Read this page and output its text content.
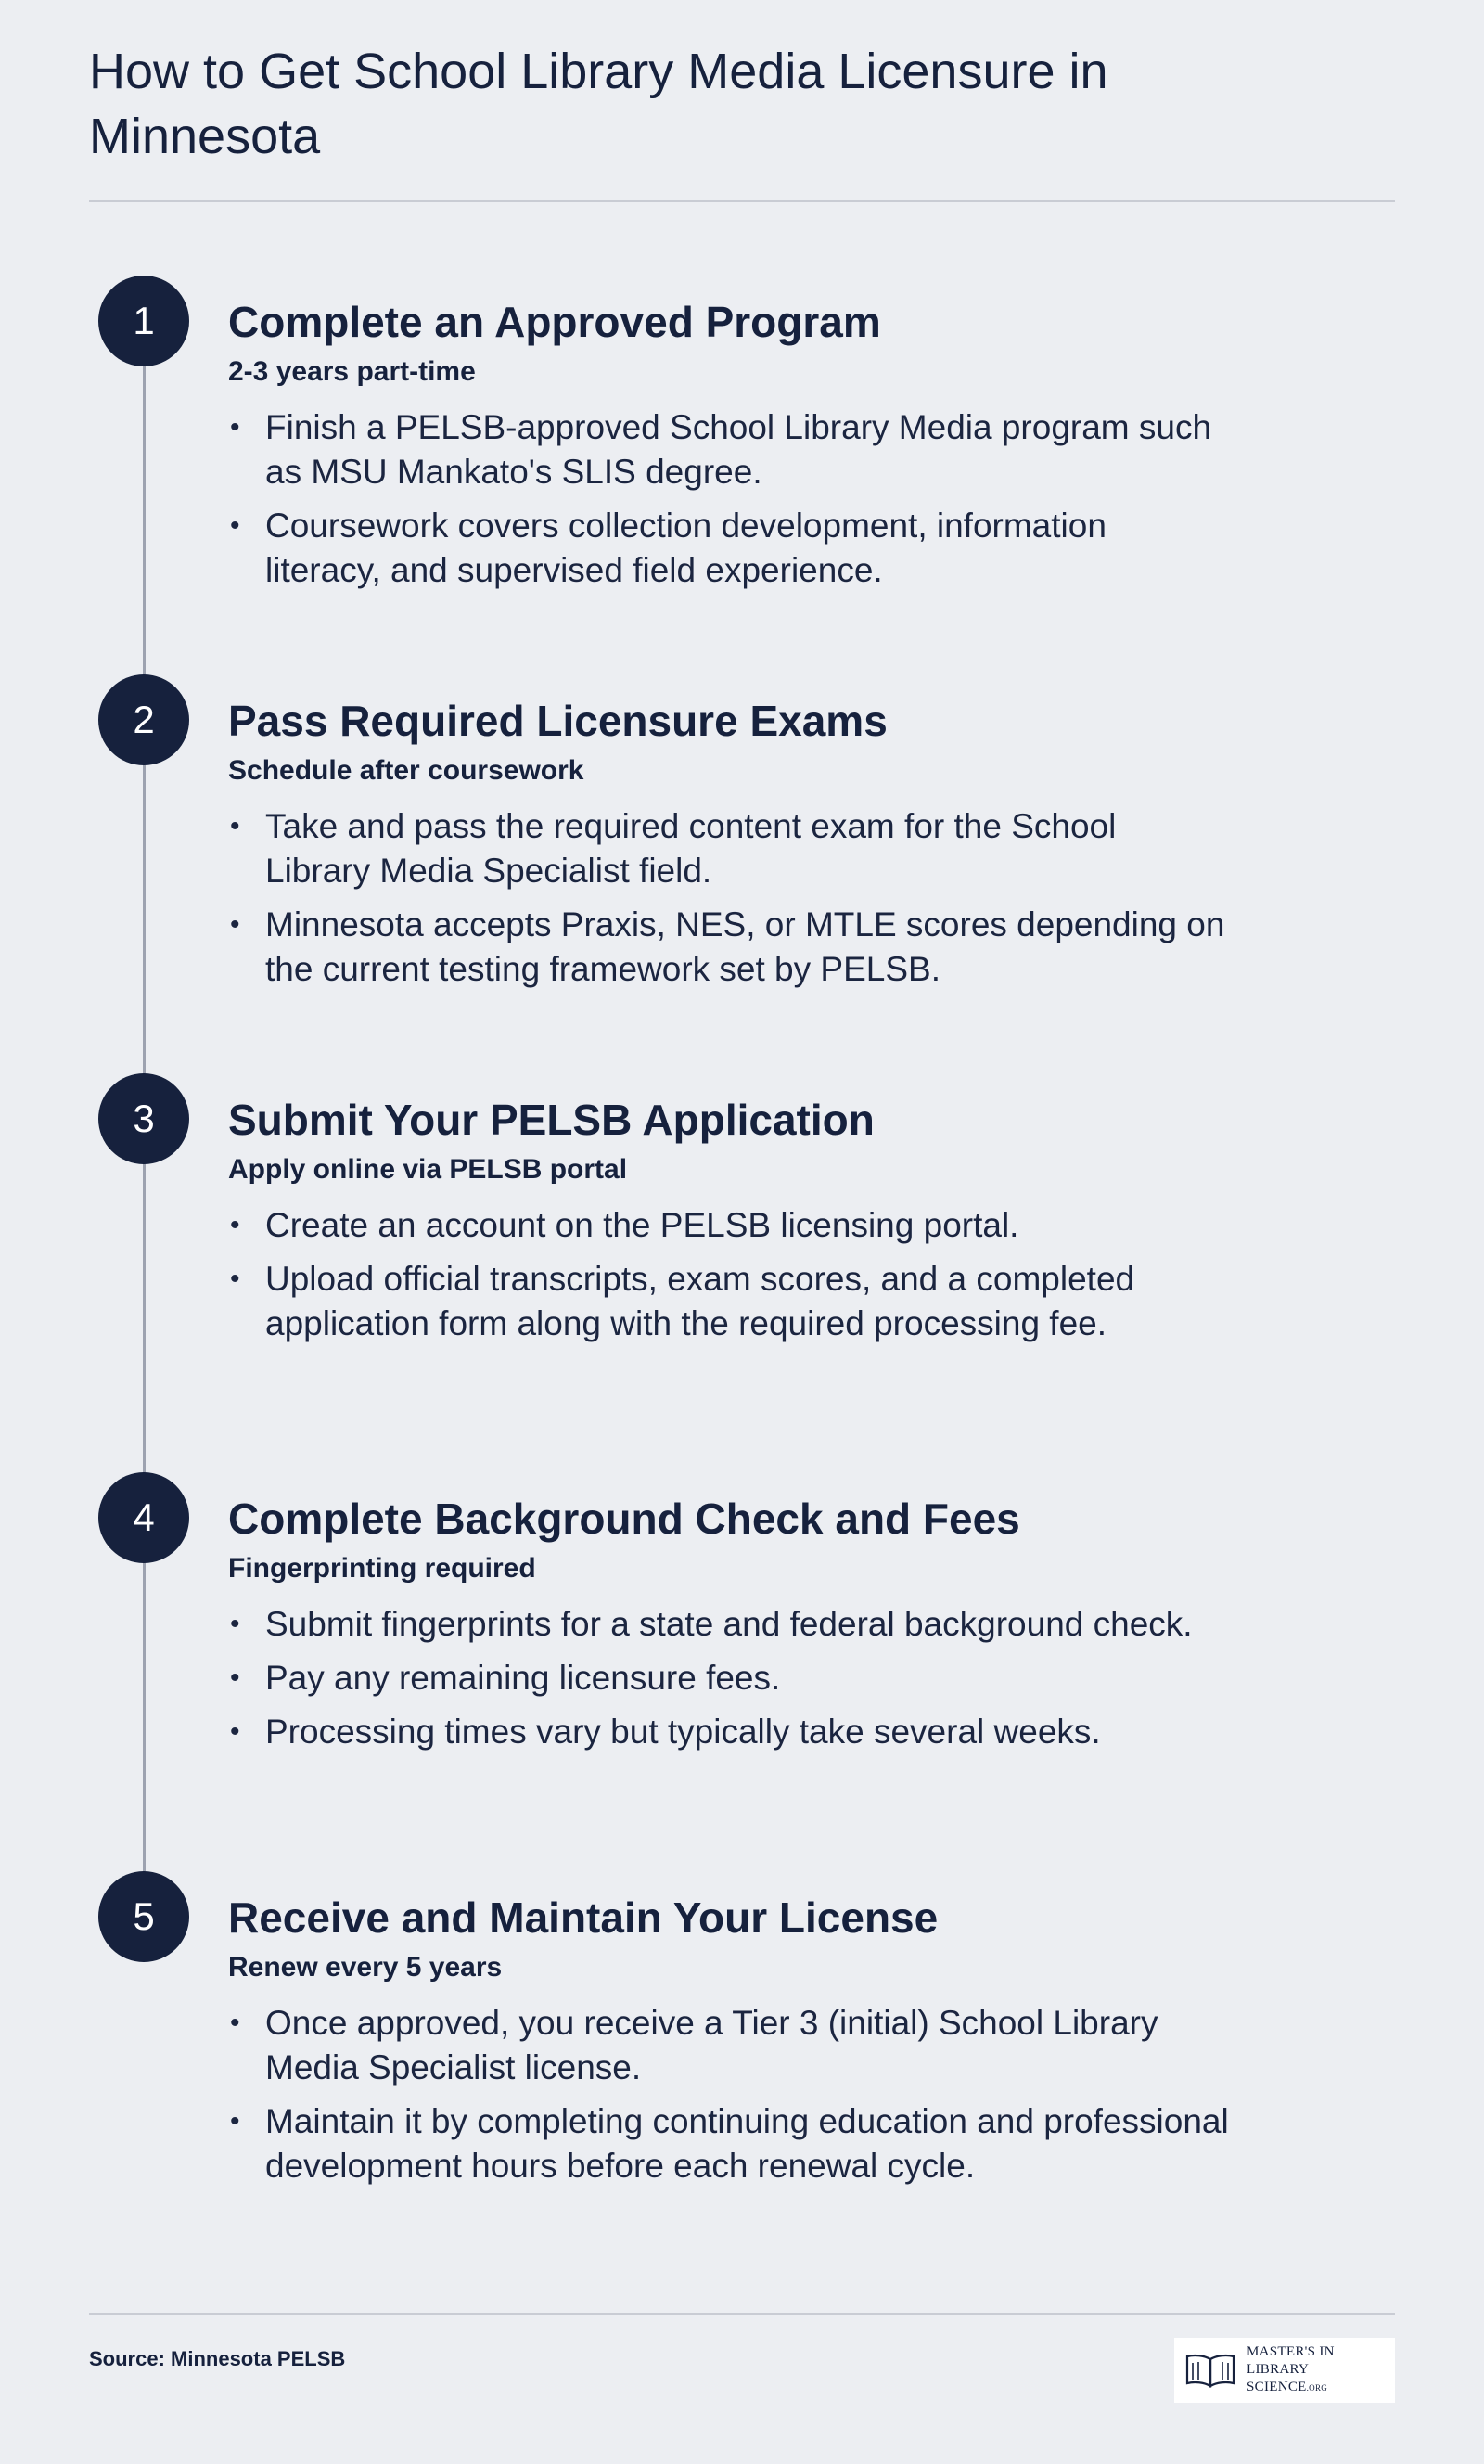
How to Get School Library Media Licensure in Minnesota
1	Complete an Approved Program
2-3 years part-time
• Finish a PELSB-approved School Library Media program such as MSU Mankato's SLIS degree.
• Coursework covers collection development, information literacy, and supervised field experience.
2	Pass Required Licensure Exams
Schedule after coursework
• Take and pass the required content exam for the School Library Media Specialist field.
• Minnesota accepts Praxis, NES, or MTLE scores depending on the current testing framework set by PELSB.
3	Submit Your PELSB Application
Apply online via PELSB portal
• Create an account on the PELSB licensing portal.
• Upload official transcripts, exam scores, and a completed application form along with the required processing fee.
4	Complete Background Check and Fees
Fingerprinting required
• Submit fingerprints for a state and federal background check.
• Pay any remaining licensure fees.
• Processing times vary but typically take several weeks.
5	Receive and Maintain Your License
Renew every 5 years
• Once approved, you receive a Tier 3 (initial) School Library Media Specialist license.
• Maintain it by completing continuing education and professional development hours before each renewal cycle.
Source: Minnesota PELSB	MASTER'S IN
LIBRARY SCIENCE.ORG
